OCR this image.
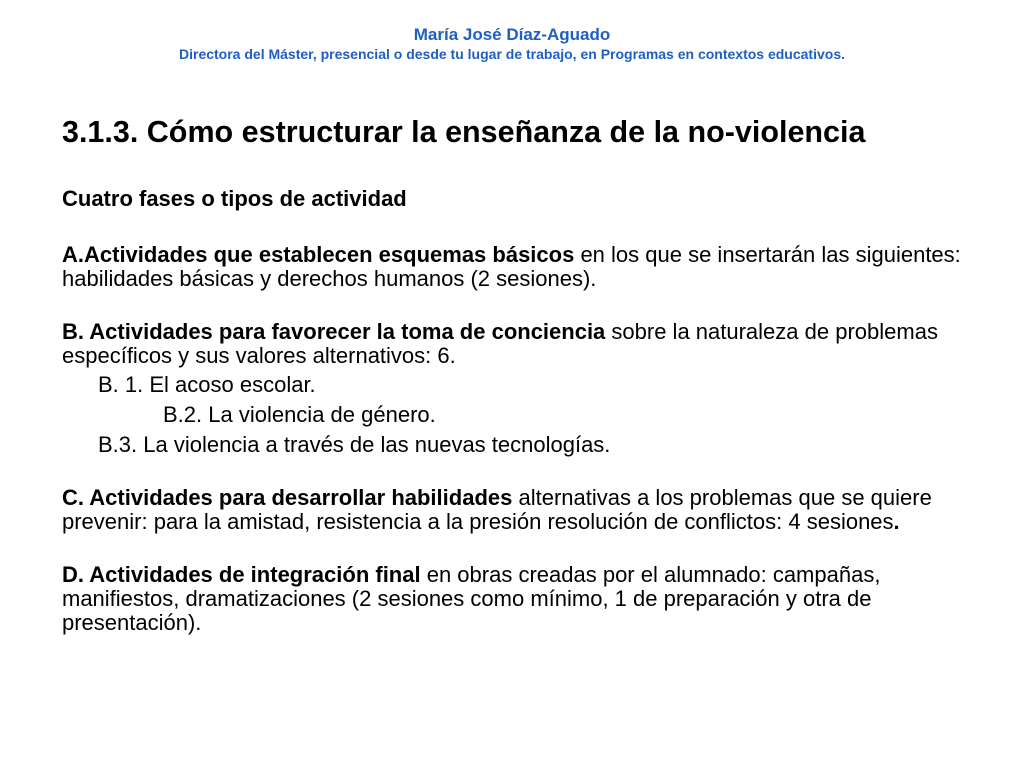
María José Díaz-Aguado
Directora del Máster, presencial o desde tu lugar de trabajo, en Programas en contextos educativos.
3.1.3. Cómo estructurar la enseñanza de la no-violencia

Cuatro fases o tipos de actividad

A.Actividades que establecen esquemas básicos en los que se insertarán las siguientes: habilidades básicas y derechos humanos (2 sesiones).

B. Actividades para favorecer la toma de conciencia sobre la naturaleza de problemas específicos y sus valores alternativos: 6.

B. 1. El acoso escolar.

B.2. La violencia de género.

B.3. La violencia a través de las nuevas tecnologías.

C. Actividades para desarrollar habilidades alternativas a los problemas que se quiere prevenir: para la amistad, resistencia a la presión resolución de conflictos: 4 sesiones.

D. Actividades de integración final en obras creadas por el alumnado: campañas, manifiestos, dramatizaciones (2 sesiones como mínimo, 1 de preparación y otra de presentación).
